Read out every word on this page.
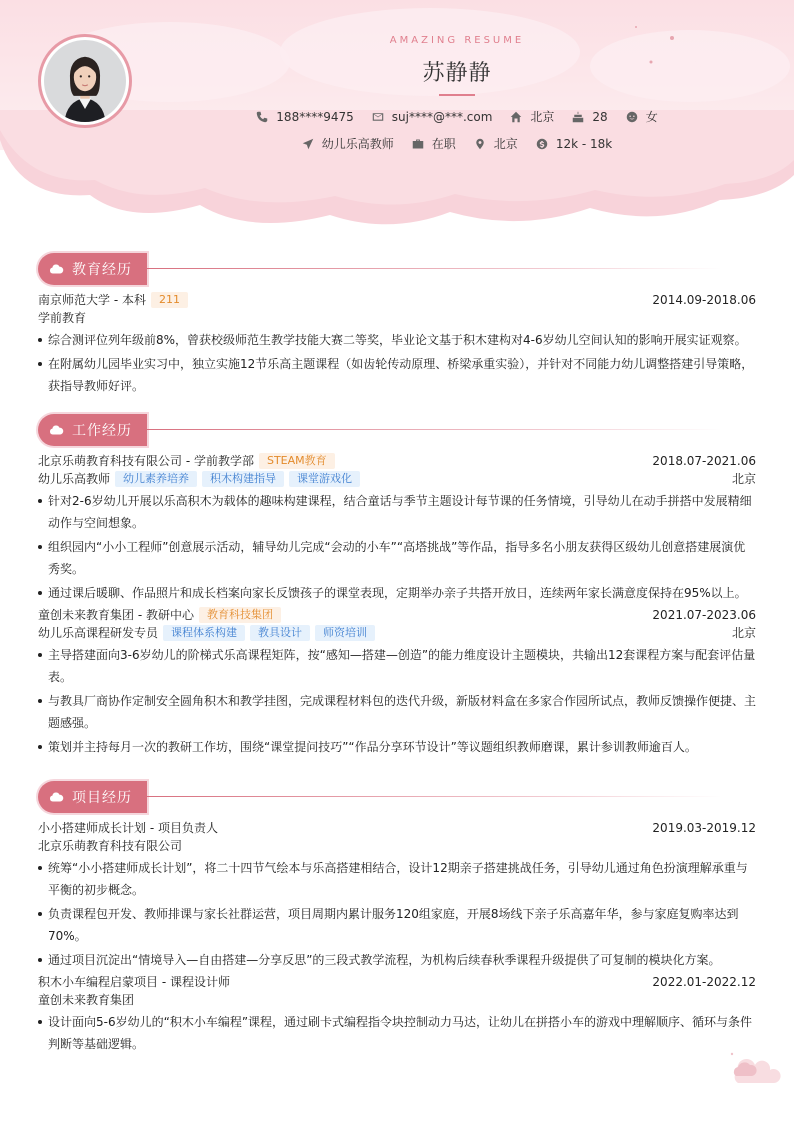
AMAZING RESUME
苏静静
188****9475	suj****@***.com	北京	28	女
幼儿乐高教师	在职	北京	12k - 18k
教育经历
南京师范大学 - 本科	211	2014.09-2018.06
学前教育
综合测评位列年级前8%，曾获校级师范生教学技能大赛二等奖，毕业论文基于积木建构对4-6岁幼儿空间认知的影响开展实证观察。
在附属幼儿园毕业实习中，独立实施12节乐高主题课程（如齿轮传动原理、桥梁承重实验），并针对不同能力幼儿调整搭建引导策略，获指导教师好评。
工作经历
北京乐萌教育科技有限公司 - 学前教学部	STEAM教育	2018.07-2021.06
幼儿乐高教师	幼儿素养培养	积木构建指导	课堂游戏化	北京
针对2-6岁幼儿开展以乐高积木为载体的趣味构建课程，结合童话与季节主题设计每节课的任务情境，引导幼儿在动手拼搭中发展精细动作与空间想象。
组织园内“小小工程师”创意展示活动，辅导幼儿完成“会动的小车”“高塔挑战”等作品，指导多名小朋友获得区级幼儿创意搭建展演优秀奖。
通过课后暖聊、作品照片和成长档案向家长反馈孩子的课堂表现，定期举办亲子共搭开放日，连续两年家长满意度保持在95%以上。
童创未来教育集团 - 教研中心	教育科技集团	2021.07-2023.06
幼儿乐高课程研发专员	课程体系构建	教具设计	师资培训	北京
主导搭建面向3-6岁幼儿的阶梯式乐高课程矩阵，按“感知—搭建—创造”的能力维度设计主题模块，共输出12套课程方案与配套评估量表。
与教具厂商协作定制安全圆角积木和教学挂图，完成课程材料包的迭代升级，新版材料盒在多家合作园所试点，教师反馈操作便捷、主题感强。
策划并主持每月一次的教研工作坊，围绕“课堂提问技巧”“作品分享环节设计”等议题组织教师磨课，累计参训教师逾百人。
项目经历
小小搭建师成长计划 - 项目负责人	2019.03-2019.12
北京乐萌教育科技有限公司
统筹“小小搭建师成长计划”，将二十四节气绘本与乐高搭建相结合，设计12期亲子搭建挑战任务，引导幼儿通过角色扮演理解承重与平衡的初步概念。
负责课程包开发、教师排课与家长社群运营，项目周期内累计服务120组家庭，开展8场线下亲子乐高嘉年华，参与家庭复购率达到70%。
通过项目沉淀出“情境导入—自由搭建—分享反思”的三段式教学流程，为机构后续春秋季课程升级提供了可复制的模块化方案。
积木小车编程启蒙项目 - 课程设计师	2022.01-2022.12
童创未来教育集团
设计面向5-6岁幼儿的“积木小车编程”课程，通过刷卡式编程指令块控制动力马达，让幼儿在拼搭小车的游戏中理解顺序、循环与条件判断等基础逻辑。
